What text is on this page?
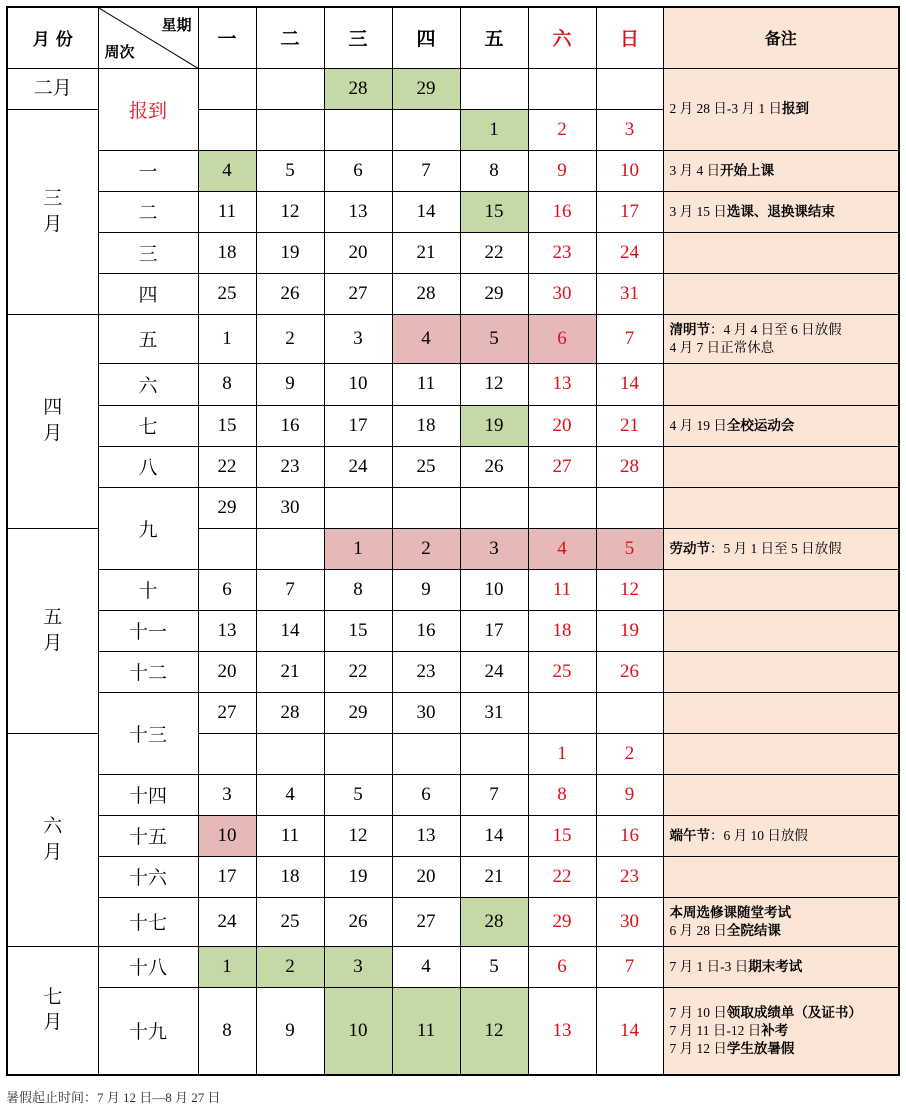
月 份	星期
周次	一	二	三	四	五	六	日	备注
二月	报到			28	29				2 月 28 日-3 月 1 日报到
三
月						1	2	3	
	一	4	5	6	7	8	9	10	3 月 4 日开始上课
	二	11	12	13	14	15	16	17	3 月 15 日选课、退换课结束
	三	18	19	20	21	22	23	24	
	四	25	26	27	28	29	30	31	
四
月	五	1	2	3	4	5	6	7	清明节：4 月 4 日至 6 日放假
4 月 7 日正常休息

	六	8	9	10	11	12	13	14	
	七	15	16	17	18	19	20	21	4 月 19 日全校运动会
	八	22	23	24	25	26	27	28	
	九	29	30						
五
月				1	2	3	4	5	劳动节：5 月 1 日至 5 日放假
	十	6	7	8	9	10	11	12	
	十一	13	14	15	16	17	18	19	
	十二	20	21	22	23	24	25	26	
	十三	27	28	29	30	31			
六
月							1	2	
	十四	3	4	5	6	7	8	9	
	十五	10	11	12	13	14	15	16	端午节：6 月 10 日放假
	十六	17	18	19	20	21	22	23	
	十七	24	25	26	27	28	29	30	本周选修课随堂考试
6 月 28 日全院结课

七
月	十八	1	2	3	4	5	6	7	7 月 1 日-3 日期末考试
	十九	8	9	10	11	12	13	14	7 月 10 日领取成绩单（及证书）
7 月 11 日-12 日补考
7 月 12 日学生放暑假
暑假起止时间：7 月 12 日—8 月 27 日
